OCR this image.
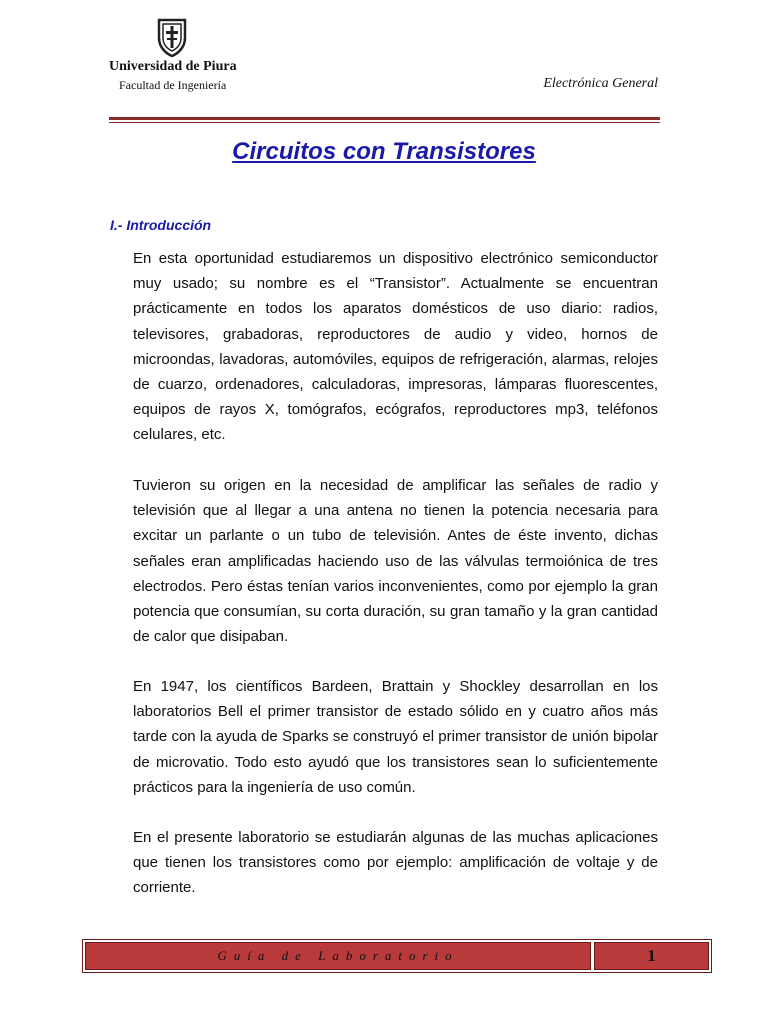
Universidad de Piura
Facultad de Ingeniería	Electrónica General
Circuitos con Transistores
I.- Introducción
En esta oportunidad estudiaremos un dispositivo electrónico semiconductor muy usado; su nombre es el “Transistor”. Actualmente se encuentran prácticamente en todos los aparatos domésticos de uso diario: radios, televisores, grabadoras, reproductores de audio y video, hornos de microondas, lavadoras, automóviles, equipos de refrigeración, alarmas, relojes de cuarzo, ordenadores, calculadoras, impresoras, lámparas fluorescentes, equipos de rayos X, tomógrafos, ecógrafos, reproductores mp3, teléfonos celulares, etc.
Tuvieron su origen en la necesidad de amplificar las señales de radio y televisión que al llegar a una antena no tienen la potencia necesaria para excitar un parlante o un tubo de televisión. Antes de éste invento, dichas señales eran amplificadas haciendo uso de las válvulas termoiónica de tres electrodos. Pero éstas tenían varios inconvenientes, como por ejemplo la gran potencia que consumían, su corta duración, su gran tamaño y la gran cantidad de calor que disipaban.
En 1947, los científicos Bardeen, Brattain y Shockley desarrollan en los laboratorios Bell el primer transistor de estado sólido en y cuatro años más tarde con la ayuda de Sparks se construyó el primer transistor de unión bipolar de microvatio. Todo esto ayudó que los transistores sean lo suficientemente prácticos para la ingeniería de uso común.
En el presente laboratorio se estudiarán algunas de las muchas aplicaciones que tienen los transistores como por ejemplo: amplificación de voltaje y de corriente.
Guía de Laboratorio	1
